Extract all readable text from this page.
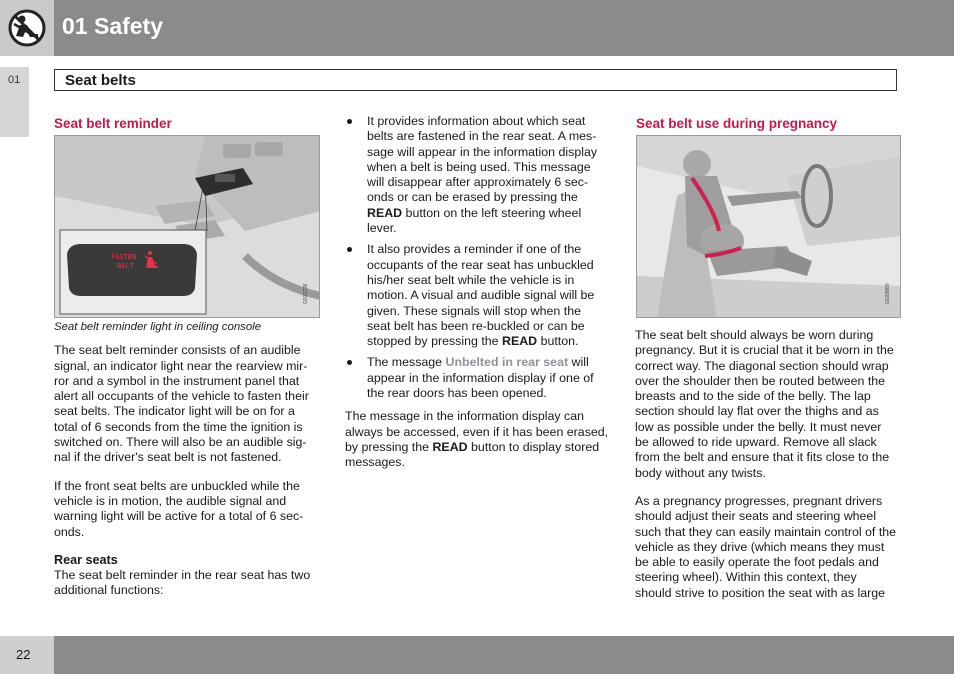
01 Safety
01	Seat belts
Seat belt reminder
FASTEN
BELT
G031726

Seat belt reminder light in ceiling console

The seat belt reminder consists of an audible
signal, an indicator light near the rearview mir-
ror and a symbol in the instrument panel that
alert all occupants of the vehicle to fasten their
seat belts. The indicator light will be on for a
total of 6 seconds from the time the ignition is
switched on. There will also be an audible sig-
nal if the driver's seat belt is not fastened.

If the front seat belts are unbuckled while the
vehicle is in motion, the audible signal and
warning light will be active for a total of 6 sec-
onds.

Rear seats

The seat belt reminder in the rear seat has two
additional functions:

It provides information about which seat
belts are fastened in the rear seat. A mes-
sage will appear in the information display
when a belt is being used. This message
will disappear after approximately 6 sec-
onds or can be erased by pressing the
READ button on the left steering wheel
lever.
It also provides a reminder if one of the
occupants of the rear seat has unbuckled
his/her seat belt while the vehicle is in
motion. A visual and audible signal will be
given. These signals will stop when the
seat belt has been re-buckled or can be
stopped by pressing the READ button.
The message Unbelted in rear seat will
appear in the information display if one of
the rear doors has been opened.

The message in the information display can
always be accessed, even if it has been erased,
by pressing the READ button to display stored
messages.

Seat belt use during pregnancy
G020880

The seat belt should always be worn during
pregnancy. But it is crucial that it be worn in the
correct way. The diagonal section should wrap
over the shoulder then be routed between the
breasts and to the side of the belly. The lap
section should lay flat over the thighs and as
low as possible under the belly. It must never
be allowed to ride upward. Remove all slack
from the belt and ensure that it fits close to the
body without any twists.

As a pregnancy progresses, pregnant drivers
should adjust their seats and steering wheel
such that they can easily maintain control of the
vehicle as they drive (which means they must
be able to easily operate the foot pedals and
steering wheel). Within this context, they
should strive to position the seat with as large

22
